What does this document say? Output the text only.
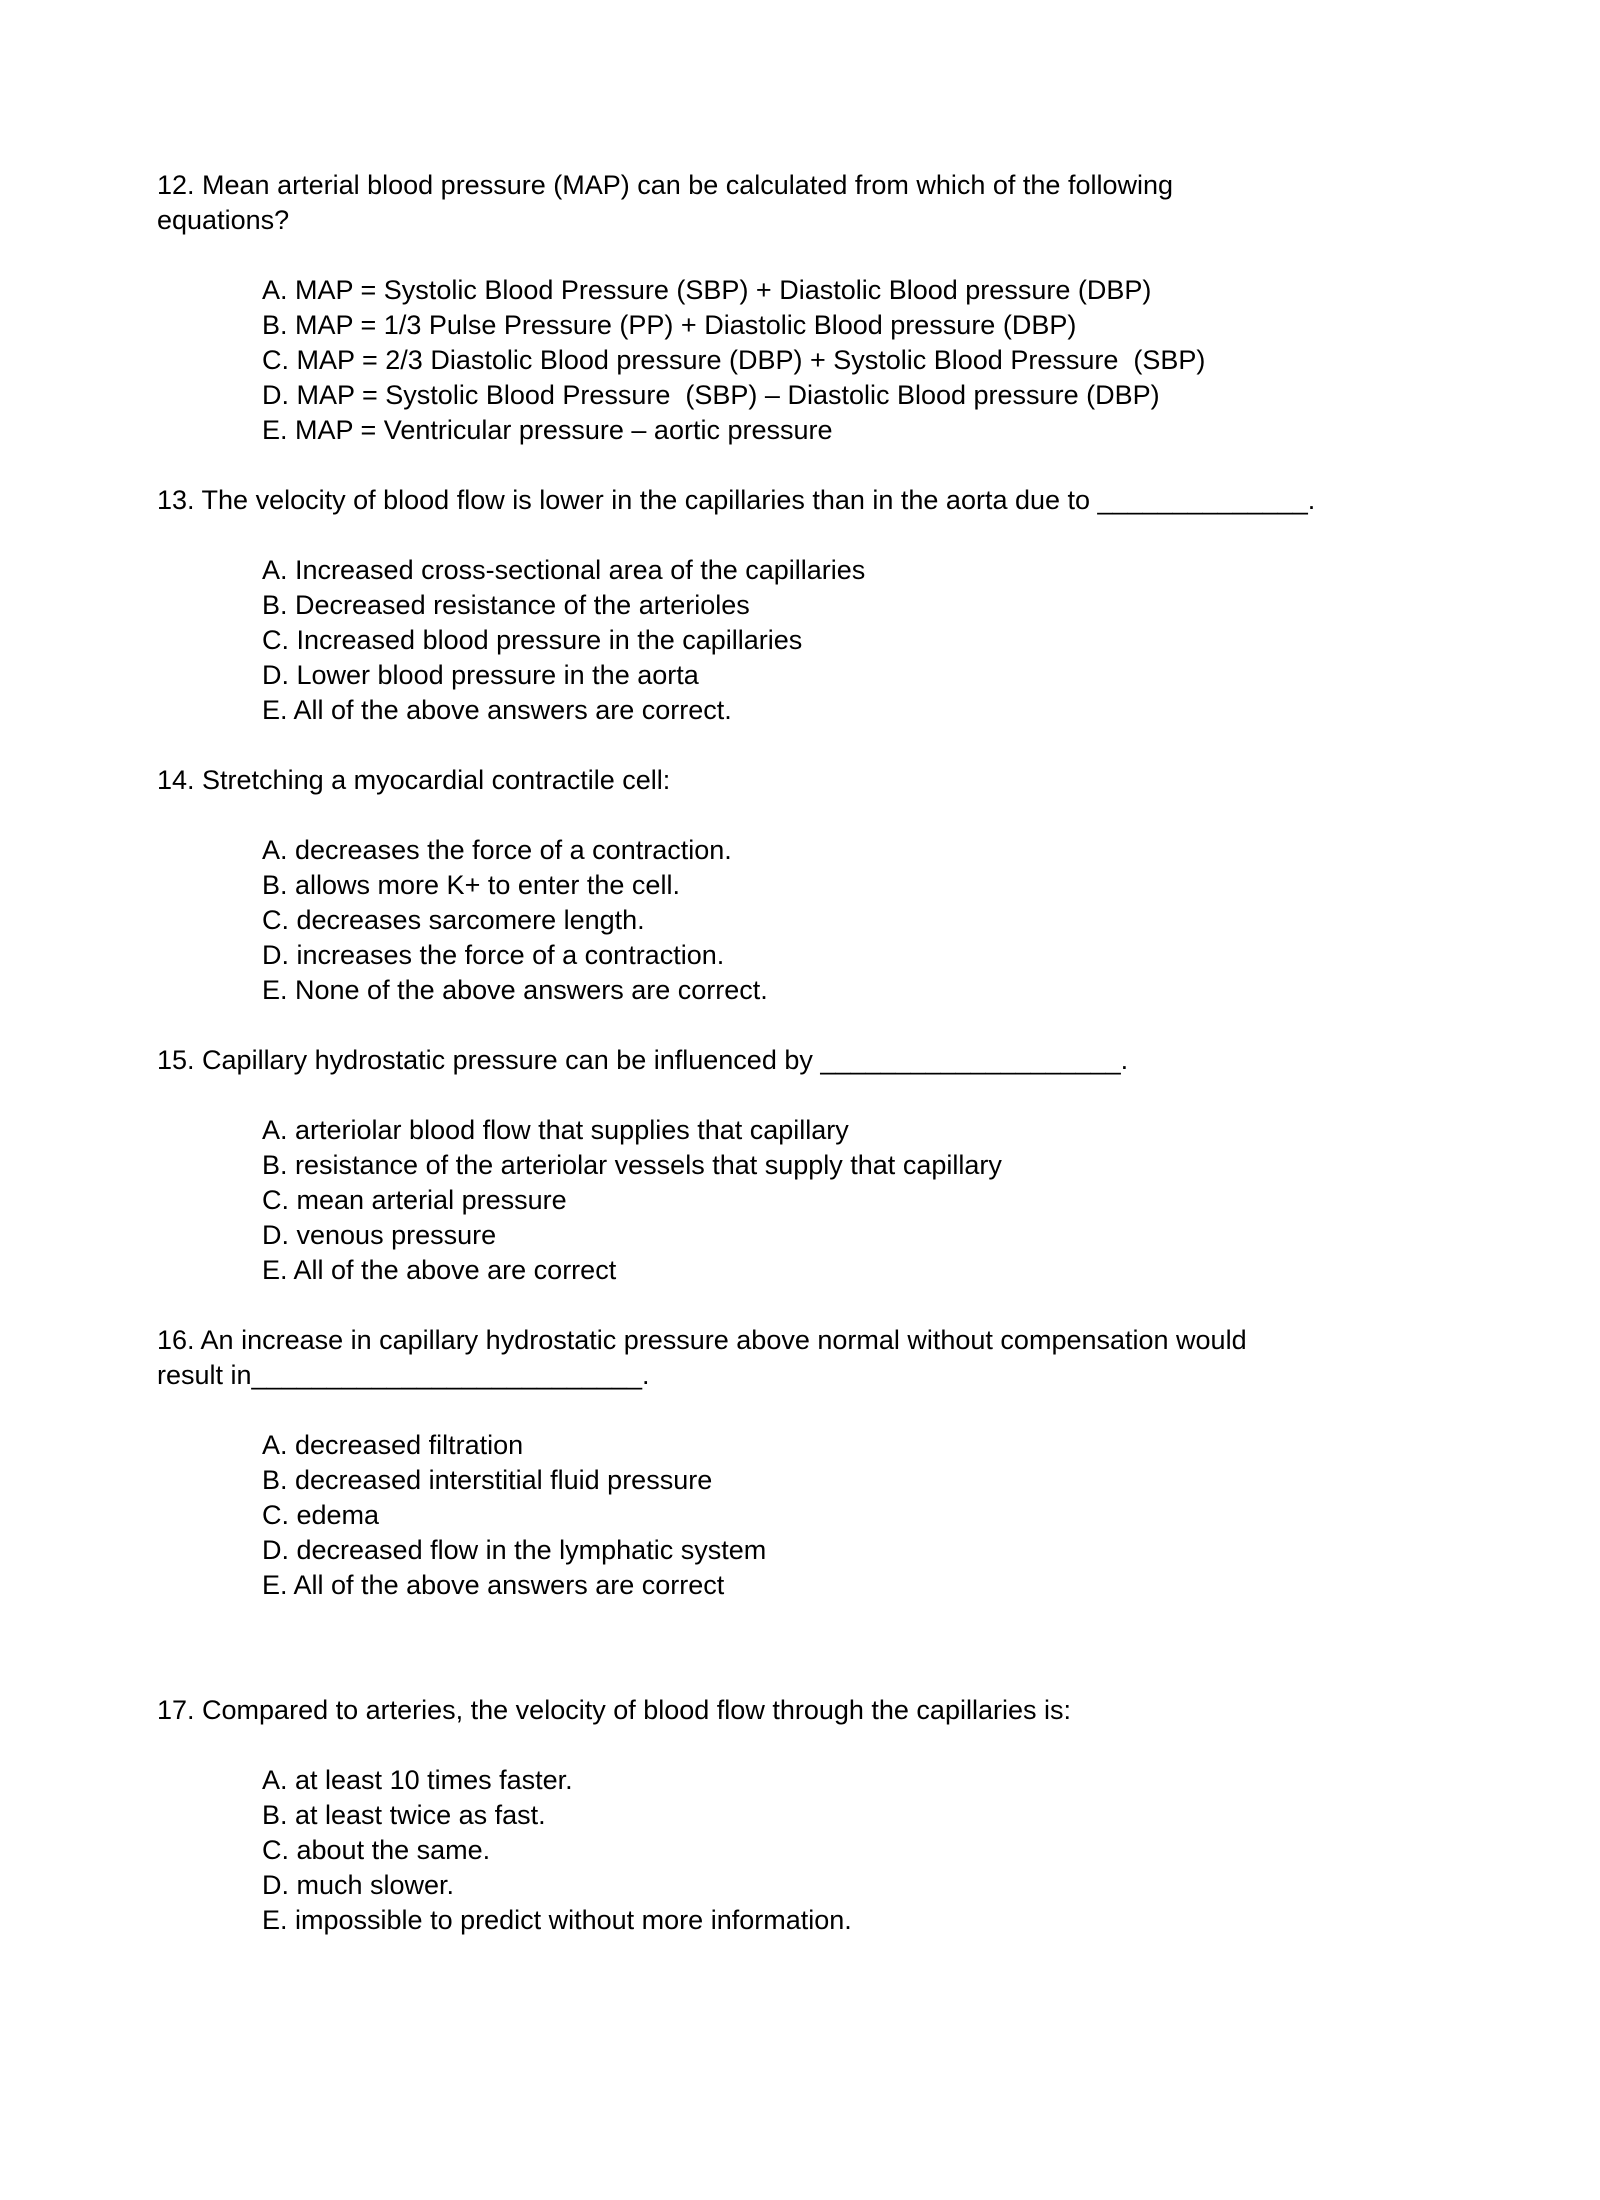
12. Mean arterial blood pressure (MAP) can be calculated from which of the following
equations?

A. MAP = Systolic Blood Pressure (SBP) + Diastolic Blood pressure (DBP)
B. MAP = 1/3 Pulse Pressure (PP) + Diastolic Blood pressure (DBP)
C. MAP = 2/3 Diastolic Blood pressure (DBP) + Systolic Blood Pressure  (SBP)
D. MAP = Systolic Blood Pressure  (SBP) – Diastolic Blood pressure (DBP)
E. MAP = Ventricular pressure – aortic pressure

13. The velocity of blood flow is lower in the capillaries than in the aorta due to ______________.

A. Increased cross-sectional area of the capillaries
B. Decreased resistance of the arterioles
C. Increased blood pressure in the capillaries
D. Lower blood pressure in the aorta
E. All of the above answers are correct.

14. Stretching a myocardial contractile cell:

A. decreases the force of a contraction.
B. allows more K+ to enter the cell.
C. decreases sarcomere length.
D. increases the force of a contraction.
E. None of the above answers are correct.

15. Capillary hydrostatic pressure can be influenced by ____________________.

A. arteriolar blood flow that supplies that capillary
B. resistance of the arteriolar vessels that supply that capillary
C. mean arterial pressure
D. venous pressure
E. All of the above are correct

16. An increase in capillary hydrostatic pressure above normal without compensation would
result in__________________________.

A. decreased filtration
B. decreased interstitial fluid pressure
C. edema
D. decreased flow in the lymphatic system
E. All of the above answers are correct

17. Compared to arteries, the velocity of blood flow through the capillaries is:

A. at least 10 times faster.
B. at least twice as fast.
C. about the same.
D. much slower.
E. impossible to predict without more information.
